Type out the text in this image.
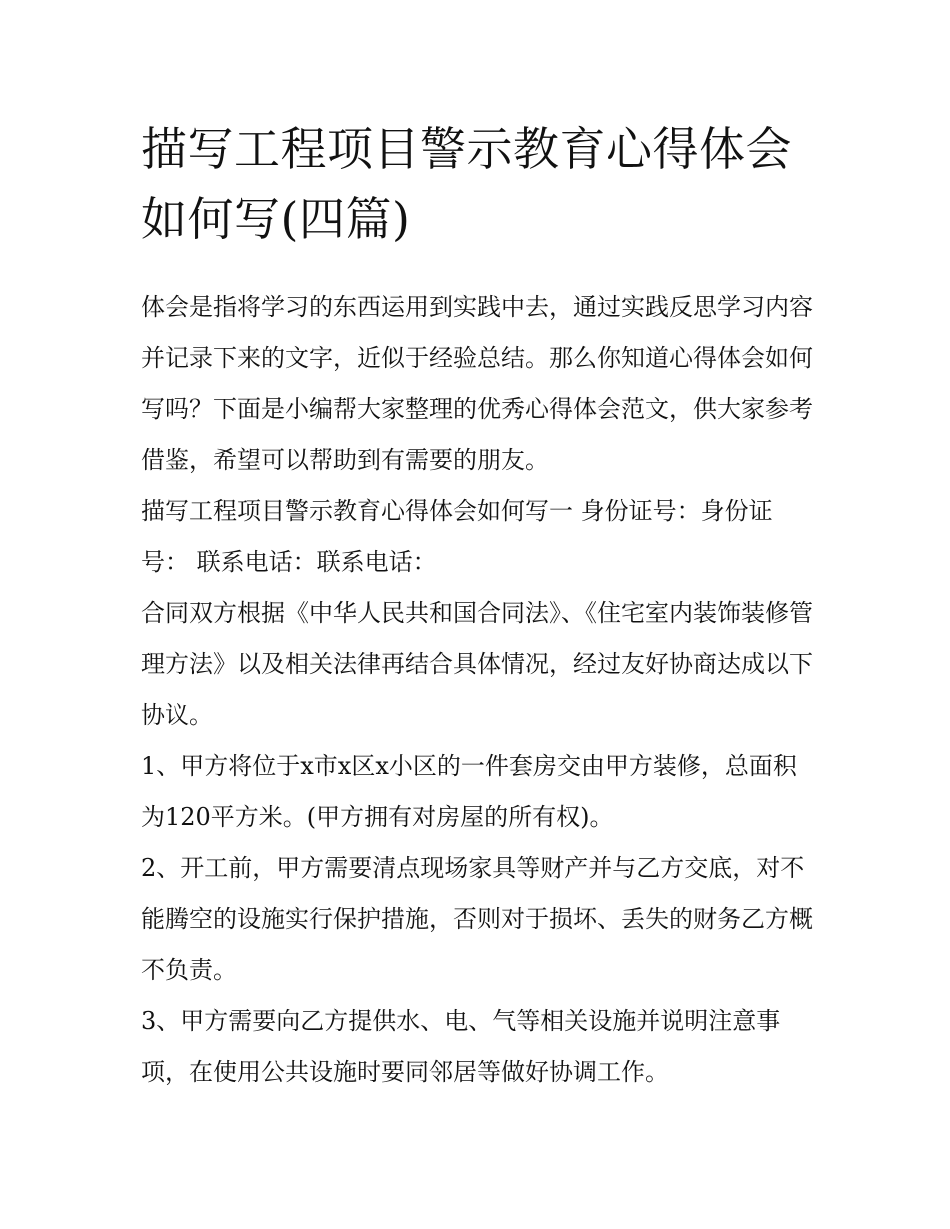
描写工程项目警示教育心得体会如何写(四篇)

体会是指将学习的东西运用到实践中去，通过实践反思学习内容并记录下来的文字，近似于经验总结。那么你知道心得体会如何写吗？下面是小编帮大家整理的优秀心得体会范文，供大家参考借鉴，希望可以帮助到有需要的朋友。

描写工程项目警示教育心得体会如何写一 身份证号：身份证号： 联系电话：联系电话：

合同双方根据《中华人民共和国合同法》、《住宅室内装饰装修管理方法》以及相关法律再结合具体情况，经过友好协商达成以下协议。

1、甲方将位于x市x区x小区的一件套房交由甲方装修，总面积为120平方米。(甲方拥有对房屋的所有权)。

2、开工前，甲方需要清点现场家具等财产并与乙方交底，对不能腾空的设施实行保护措施，否则对于损坏、丢失的财务乙方概不负责。

3、甲方需要向乙方提供水、电、气等相关设施并说明注意事项，在使用公共设施时要同邻居等做好协调工作。
